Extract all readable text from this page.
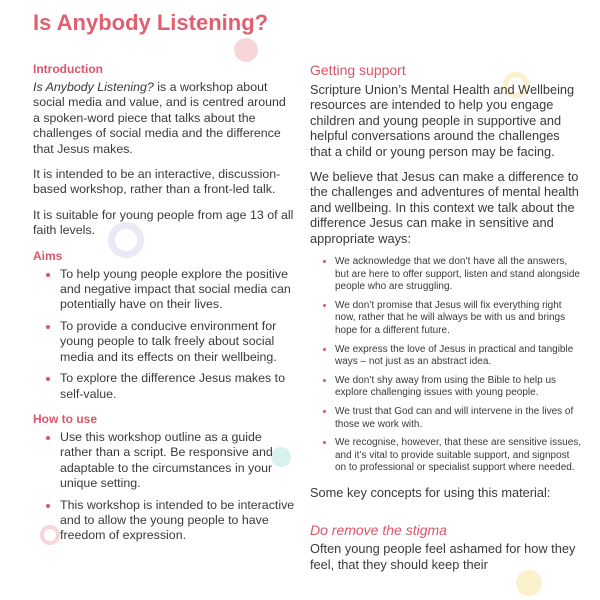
Is Anybody Listening?
Introduction

Is Anybody Listening? is a workshop about social media and value, and is centred around a spoken-word piece that talks about the challenges of social media and the difference that Jesus makes.

It is intended to be an interactive, discussion-based workshop, rather than a front-led talk.

It is suitable for young people from age 13 of all faith levels.

Aims
• To help young people explore the positive and negative impact that social media can potentially have on their lives.
• To provide a conducive environment for young people to talk freely about social media and its effects on their wellbeing.
• To explore the difference Jesus makes to self-value.
How to use
• Use this workshop outline as a guide rather than a script. Be responsive and adaptable to the circumstances in your unique setting.
• This workshop is intended to be interactive and to allow the young people to have freedom of expression.
Getting support

Scripture Union’s Mental Health and Wellbeing resources are intended to help you engage children and young people in supportive and helpful conversations around the challenges that a child or young person may be facing.

We believe that Jesus can make a difference to the challenges and adventures of mental health and wellbeing. In this context we talk about the difference Jesus can make in sensitive and appropriate ways:

• We acknowledge that we don’t have all the answers, but are here to offer support, listen and stand alongside people who are struggling.
• We don’t promise that Jesus will fix everything right now, rather that he will always be with us and brings hope for a different future.
• We express the love of Jesus in practical and tangible ways – not just as an abstract idea.
• We don’t shy away from using the Bible to help us explore challenging issues with young people.
• We trust that God can and will intervene in the lives of those we work with.
• We recognise, however, that these are sensitive issues, and it’s vital to provide suitable support, and signpost on to professional or specialist support where needed.

Some key concepts for using this material:

Do remove the stigma

Often young people feel ashamed for how they feel, that they should keep their
